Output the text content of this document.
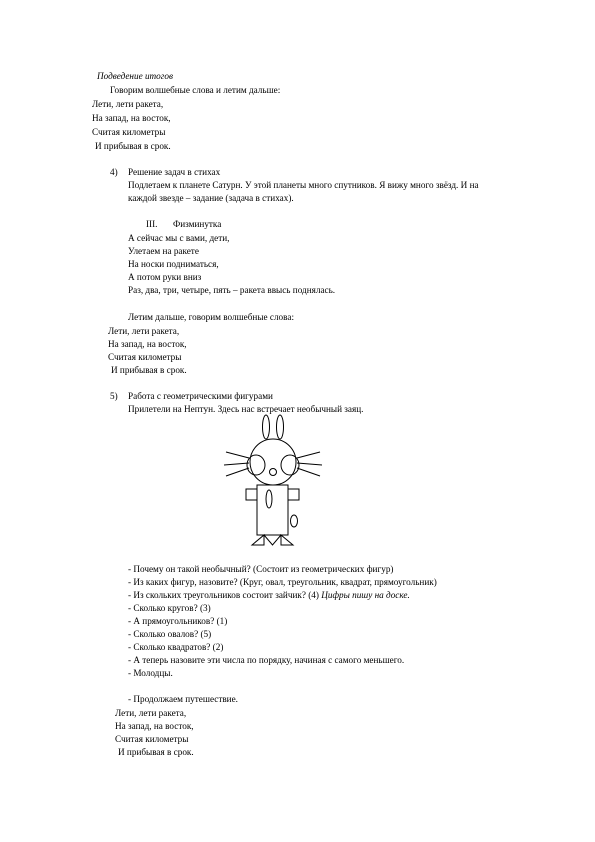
Подведение итогов
Говорим волшебные слова и летим дальше:
Лети, лети ракета,
На запад, на восток,
Считая километры
И прибывая в срок.
4) Решение задач в стихах
Подлетаем к планете Сатурн. У этой планеты много спутников. Я вижу много звёзд. И на
каждой звезде – задание (задача в стихах).
III. Физминутка
А сейчас мы с вами, дети,
Улетаем на ракете
На носки подниматься,
А потом руки вниз
Раз, два, три, четыре, пять – ракета ввысь поднялась.
Летим дальше, говорим волшебные слова:
Лети, лети ракета,
На запад, на восток,
Считая километры
И прибывая в срок.
5) Работа с геометрическими фигурами
Прилетели на Нептун. Здесь нас встречает необычный заяц.
- Почему он такой необычный? (Состоит из геометрических фигур)
- Из каких фигур, назовите? (Круг, овал, треугольник, квадрат, прямоугольник)
- Из скольких треугольников состоит зайчик? (4) Цифры пишу на доске.
- Сколько кругов? (3)
- А прямоугольников? (1)
- Сколько овалов? (5)
- Сколько квадратов? (2)
- А теперь назовите эти числа по порядку, начиная с самого меньшего.
- Молодцы.
- Продолжаем путешествие.
Лети, лети ракета,
На запад, на восток,
Считая километры
И прибывая в срок.
